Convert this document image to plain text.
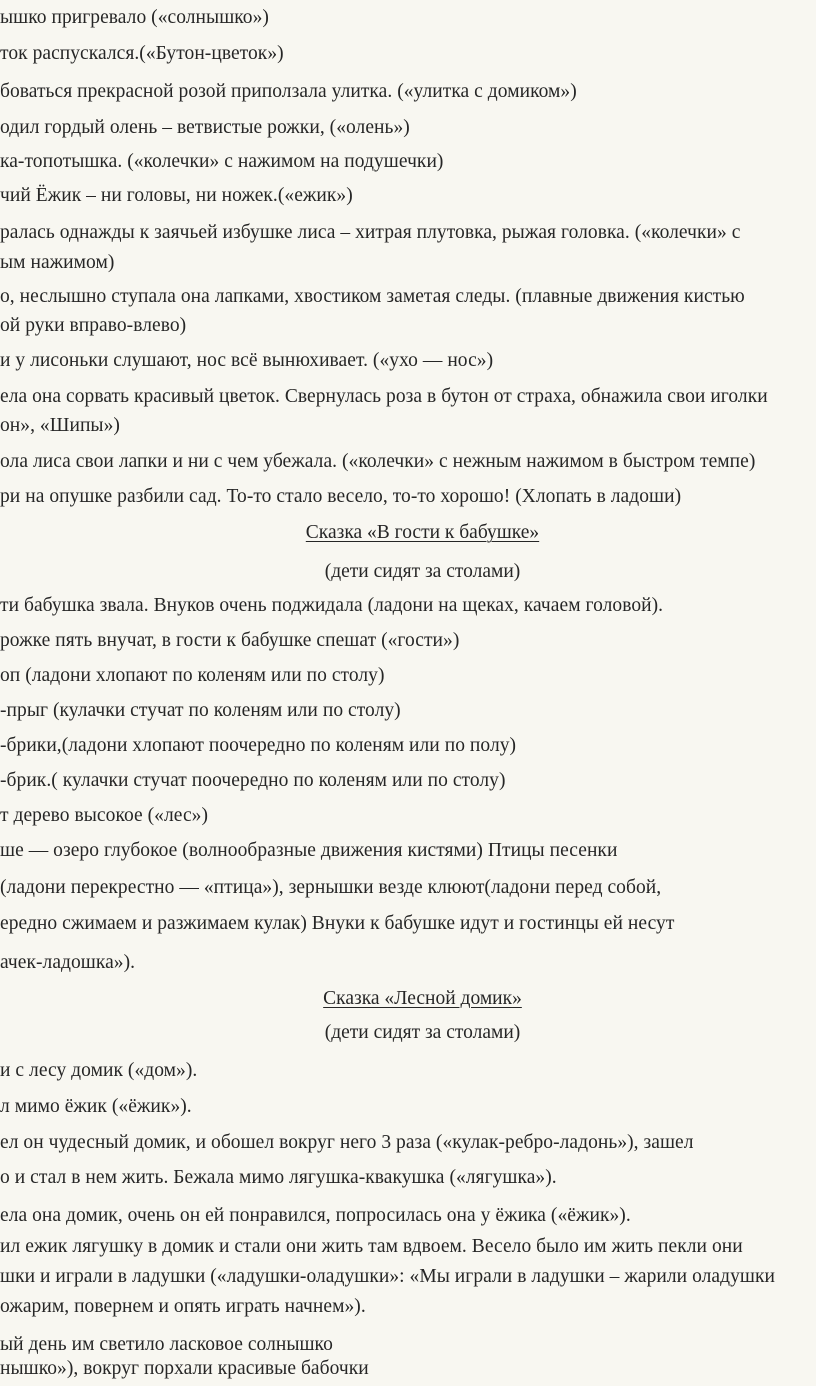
ышко пригревало («солнышко»)
ток распускался.(«Бутон-цветок»)
боваться прекрасной розой приползала улитка. («улитка с домиком»)
одил гордый олень – ветвистые рожки, («олень»)
ка-топотышка. («колечки» с нажимом на подушечки)
чий Ёжик – ни головы, ни ножек.(«ежик»)
ралась однажды к заячьей избушке лиса – хитрая плутовка, рыжая головка. («колечки» с
ым нажимом)
о, неслышно ступала она лапками, хвостиком заметая следы. (плавные движения кистью
ой руки вправо-влево)
и у лисоньки слушают, нос всё вынюхивает. («ухо — нос»)
ела она сорвать красивый цветок. Свернулась роза в бутон от страха, обнажила свои иголки
он», «Шипы»)
ола лиса свои лапки и ни с чем убежала. («колечки» с нежным нажимом в быстром темпе)
ри на опушке разбили сад. То-то стало весело, то-то хорошо! (Хлопать в ладоши)
Сказка «В гости к бабушке»
(дети сидят за столами)
ти бабушка звала. Внуков очень поджидала (ладони на щеках, качаем головой).
рожке пять внучат, в гости к бабушке спешат («гости»)
оп (ладони хлопают по коленям или по столу)
-прыг (кулачки стучат по коленям или по столу)
-брики,(ладони хлопают поочередно по коленям или по полу)
-брик.( кулачки стучат поочередно по коленям или по столу)
т дерево высокое («лес»)
ше — озеро глубокое (волнообразные движения кистями) Птицы песенки
(ладони перекрестно — «птица»), зернышки везде клюют(ладони перед собой,
ередно сжимаем и разжимаем кулак) Внуки к бабушке идут и гостинцы ей несут
ачек-ладошка»).
Сказка «Лесной домик»
(дети сидят за столами)
и с лесу домик («дом»).
л мимо ёжик («ёжик»).
ел он чудесный домик, и обошел вокруг него 3 раза («кулак-ребро-ладонь»), зашел
о и стал в нем жить. Бежала мимо лягушка-квакушка («лягушка»).
ела она домик, очень он ей понравился, попросилась она у ёжика («ёжик»).
ил ежик лягушку в домик и стали они жить там вдвоем. Весело было им жить пекли они
шки и играли в ладушки («ладушки-оладушки»: «Мы играли в ладушки – жарили оладушки
ожарим, повернем и опять играть начнем»).
ый день им светило ласковое солнышко
нышко»), вокруг порхали красивые бабочки
